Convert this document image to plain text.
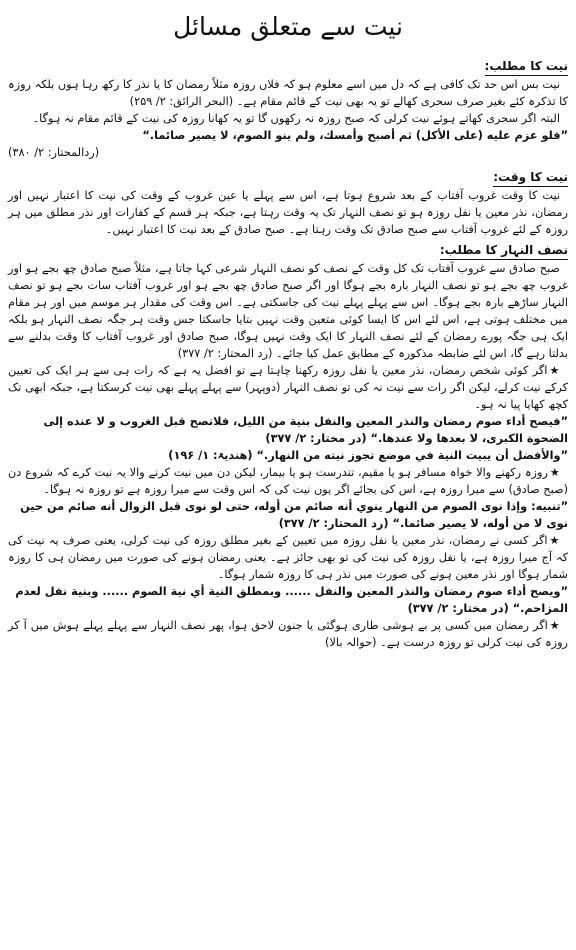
نیت سے متعلق مسائل
نیت کا مطلب:

نیت بس اس حد تک کافی ہے کہ دل میں اسے معلوم ہو کہ فلاں روزہ مثلاً رمضان کا یا نذر کا رکھ رہا ہوں بلکہ روزہ کا تذکرہ کئے بغیر صرف سحری کھالے تو یہ بھی نیت کے قائم مقام ہے۔ (البحر الرائق: ۲/ ۲۵۹)

البتہ اگر سحری کھاتے ہوئے نیت کرلی کہ صبح روزہ نہ رکھوں گا تو یہ کھانا روزہ کی نیت کے قائم مقام نہ ہوگا۔

”فلو عزم عليه (على الأكل) ثم أصبح وأمسك، ولم ينو الصوم، لا يصير صائما.“

(ردالمحتار: ۲/ ۳۸۰)

نیت کا وقت:

نیت کا وقت غروب آفتاب کے بعد شروع ہوتا ہے، اس سے پہلے یا عین غروب کے وقت کی نیت کا اعتبار نہیں اور رمضان، نذر معین یا نفل روزہ ہو تو نصف النہار تک یہ وقت رہتا ہے، جبکہ ہر قسم کے کفارات اور نذر مطلق میں ہر روزہ کے لئے غروب آفتاب سے صبح صادق تک وقت رہتا ہے۔ صبح صادق کے بعد نیت کا اعتبار نہیں۔

نصف النہار کا مطلب:

صبح صادق سے غروب آفتاب تک کل وقت کے نصف کو نصف النہار شرعی کہا جاتا ہے، مثلاً صبح صادق چھ بجے ہو اور غروب چھ بجے ہو تو نصف النہار بارہ بجے ہوگا اور اگر صبح صادق چھ بجے ہو اور غروب آفتاب سات بجے ہو تو نصف النہار ساڑھے بارہ بجے ہوگا۔ اس سے پہلے پہلے نیت کی جاسکتی ہے۔ اس وقت کی مقدار ہر موسم میں اور ہر مقام میں مختلف ہوتی ہے، اس لئے اس کا ایسا کوئی متعین وقت نہیں بتایا جاسکتا جس وقت ہر جگہ نصف النہار ہو بلکہ ایک ہی جگہ پورے رمضان کے لئے نصف النہار کا ایک وقت نہیں ہوگا، صبح صادق اور غروب آفتاب کا وقت بدلنے سے بدلتا رہے گا، اس لئے ضابطہ مذکورہ کے مطابق عمل کیا جائے۔ (رد المحتار: ۲/ ۳۷۷)

★ اگر کوئی شخص رمضان، نذر معین یا نفل روزہ رکھنا چاہتا ہے تو افضل یہ ہے کہ رات ہی سے ہر ایک کی تعیین کرکے نیت کرلے، لیکن اگر رات سے نیت نہ کی تو نصف النہار (دوپہر) سے پہلے پہلے بھی نیت کرسکتا ہے، جبکہ ابھی تک کچھ کھایا پیا نہ ہو۔

”فیصح أداء صوم رمضان والنذر المعین والنفل بنية من الليل، فلاتصح قبل الغروب و لا عنده إلى الضحوة الكبرى، لا بعدها ولا عندها.“ (در مختار: ۲/ ۳۷۷)

”والأفضل أن يبيت النية في موضع تجوز نيته من النهار.“ (ھندیۃ: ۱/ ۱۹۶)

★ روزہ رکھنے والا خواہ مسافر ہو یا مقیم، تندرست ہو یا بیمار، لیکن دن میں نیت کرنے والا یہ نیت کرے کہ شروع دن (صبح صادق) سے میرا روزہ ہے، اس کی بجائے اگر یوں نیت کی کہ اس وقت سے میرا روزہ ہے تو روزہ نہ ہوگا۔

”تنبيه: وإذا نوى الصوم من النهار ينوي أنه صائم من أوله، حتى لو نوى قبل الزوال أنه صائم من حين نوى لا من أوله، لا يصير صائما.“ (رد المحتار: ۲/ ۳۷۷)

★ اگر کسی نے رمضان، نذر معین یا نفل روزہ میں تعیین کے بغیر مطلق روزہ کی نیت کرلی، یعنی صرف یہ نیت کی کہ آج میرا روزہ ہے، یا نفل روزہ کی نیت کی تو بھی جائز ہے۔ یعنی رمضان ہونے کی صورت میں رمضان ہی کا روزہ شمار ہوگا اور نذر معین ہونے کی صورت میں نذر ہی کا روزہ شمار ہوگا۔

”ويصح أداء صوم رمضان والنذر المعين والنفل ...... وبمطلق النية أي نية الصوم ...... وبنية نفل لعدم المزاحم.“ (در مختار: ۲/ ۳۷۷)

★ اگر رمضان میں کسی پر بے ہوشی طاری ہوگئی یا جنون لاحق ہوا، پھر نصف النہار سے پہلے پہلے ہوش میں آ کر روزہ کی نیت کرلی تو روزہ درست ہے۔ (حوالہ بالا)
